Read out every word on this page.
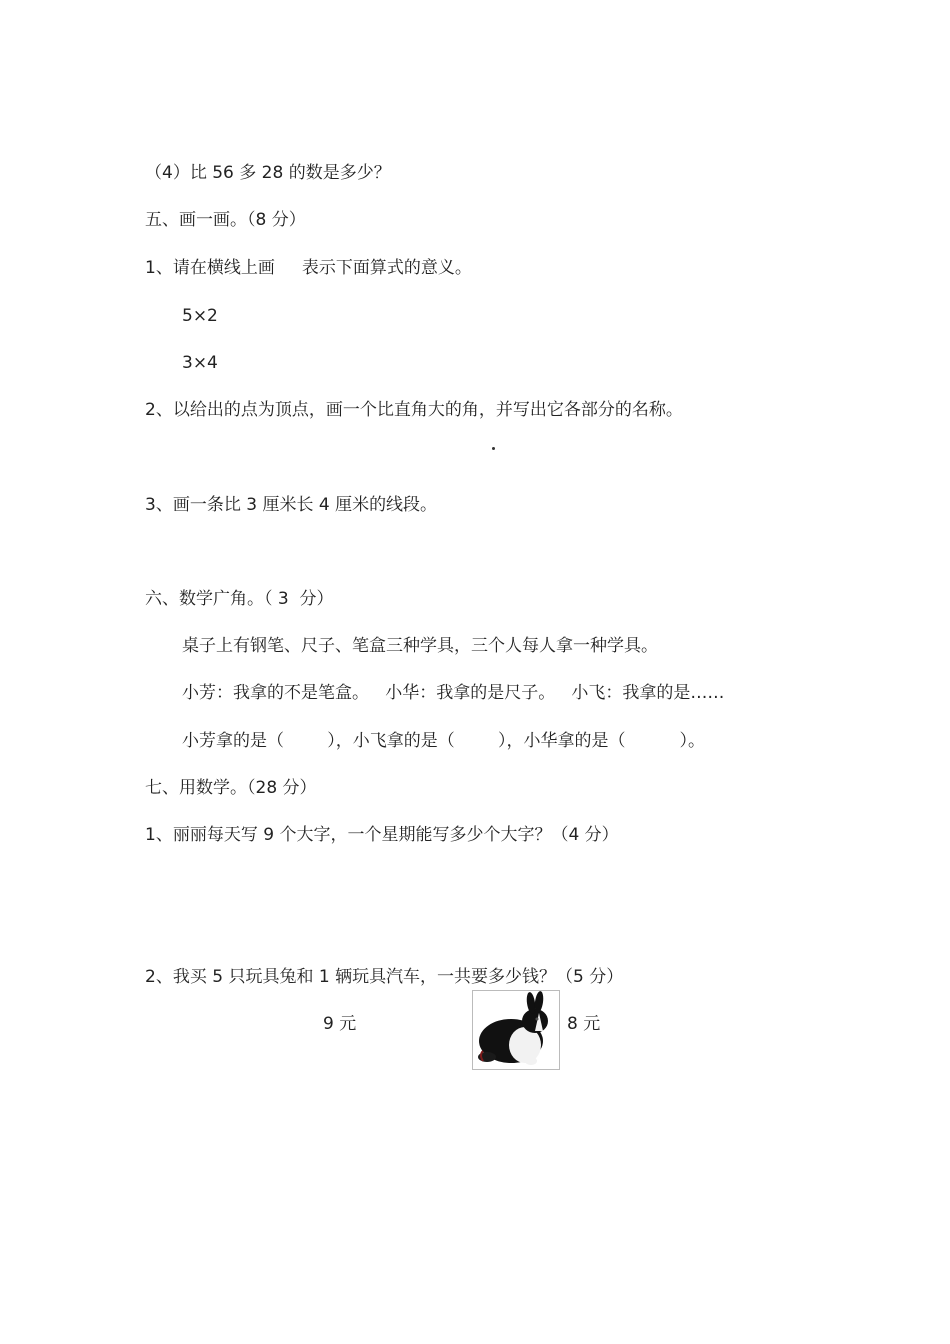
（4）比 56 多 28 的数是多少？
五、画一画。（8 分）
1、请在横线上画     表示下面算式的意义。
5×2
3×4
2、以给出的点为顶点，画一个比直角大的角，并写出它各部分的名称。
3、画一条比 3 厘米长 4 厘米的线段。
六、数学广角。（ 3  分）
桌子上有钢笔、尺子、笔盒三种学具，三个人每人拿一种学具。
小芳：我拿的不是笔盒。   小华：我拿的是尺子。   小飞：我拿的是……
小芳拿的是（        ），小飞拿的是（        ），小华拿的是（          ）。
七、用数学。（28 分）
1、丽丽每天写 9 个大字，一个星期能写多少个大字？（4 分）
2、我买 5 只玩具兔和 1 辆玩具汽车，一共要多少钱？（5 分）
9 元	8 元
